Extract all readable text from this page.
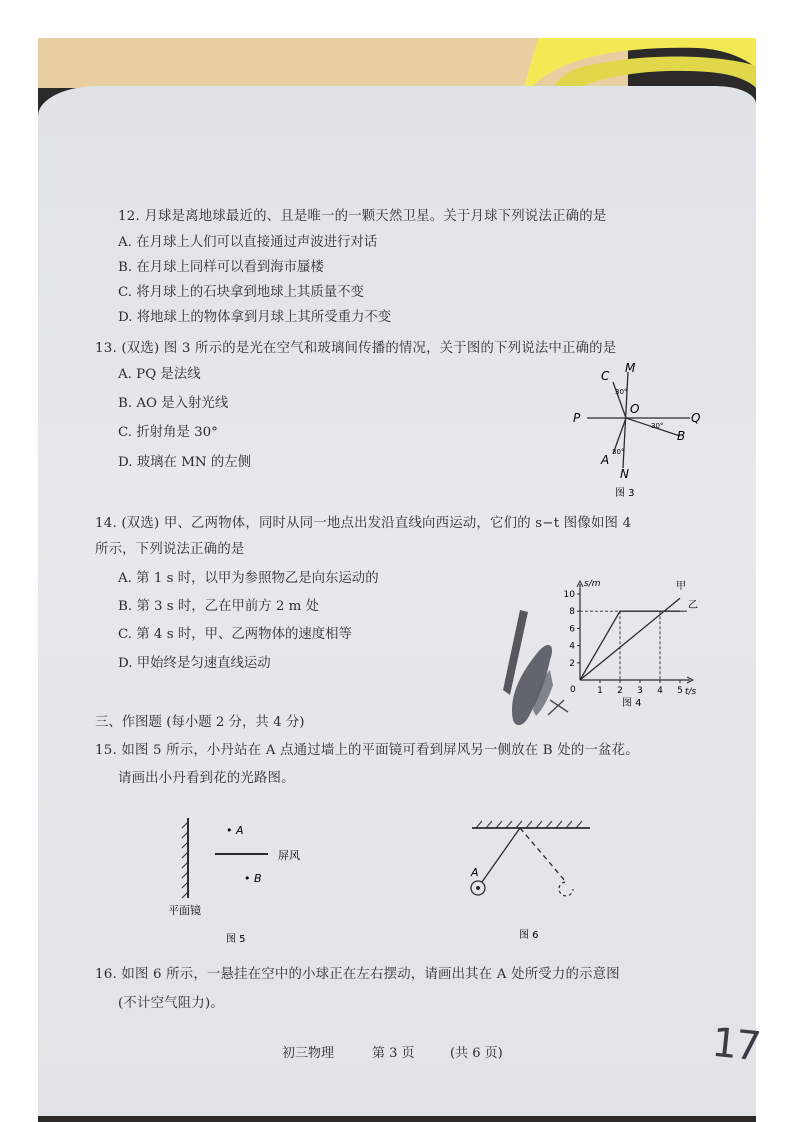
12. 月球是离地球最近的、且是唯一的一颗天然卫星。关于月球下列说法正确的是
A. 在月球上人们可以直接通过声波进行对话
B. 在月球上同样可以看到海市蜃楼
C. 将月球上的石块拿到地球上其质量不变
D. 将地球上的物体拿到月球上其所受重力不变
13. (双选) 图 3 所示的是光在空气和玻璃间传播的情况，关于图的下列说法中正确的是
A. PQ 是法线
B. AO 是入射光线
C. 折射角是 30°
D. 玻璃在 MN 的左侧
C
M
P
O
Q
B
A
N
30°
30°
30°
图 3
14. (双选) 甲、乙两物体，同时从同一地点出发沿直线向西运动，它们的 s−t 图像如图 4
所示，下列说法正确的是
A. 第 1 s 时，以甲为参照物乙是向东运动的
B. 第 3 s 时，乙在甲前方 2 m 处
C. 第 4 s 时，甲、乙两物体的速度相等
D. 甲始终是匀速直线运动	2
4
6
8
10
1 2 3 4 5
s/m
t/s
0
甲
乙
图 4
三、作图题 (每小题 2 分，共 4 分)
15. 如图 5 所示，小丹站在 A 点通过墙上的平面镜可看到屏风另一侧放在 B 处的一盆花。
请画出小丹看到花的光路图。
• A
• B
屏风
平面镜
图 5
A
图 6
16. 如图 6 所示，一悬挂在空中的小球正在左右摆动，请画出其在 A 处所受力的示意图
(不计空气阻力)。
初三物理	第 3 页	(共 6 页)	17
